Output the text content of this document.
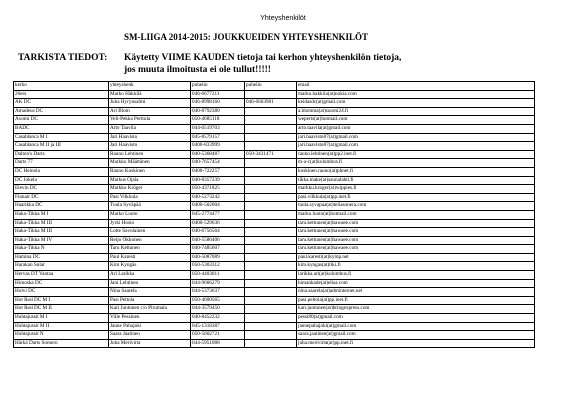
Yhteyshenkilöt
SM-LIIGA 2014-2015: JOUKKUEIDEN YHTEYSHENKILÖT
TARKISTA TIEDOT: Käytetty VIIME KAUDEN tietoja tai kerhon yhteyshenkilön tietoja,
jos muuta ilmoitusta ei ole tullut!!!!!
kerho	yhteyshenk	puhelin	puhelin	email
26ers	Marko Häkkilä	046-6677211		marko.hakkila(at)nokia.com
AK DC	Juha Hyrynsalmi	046-8998160	046-6663981	keidasdc(at)gmail.com
Amadeus DC	Ari Blom	040-8792380		a.blomma(at)suomi24.fi
Axomi DC	Veli-Pekka Perttula	050-4685118		weperts(at)hotmail.com
BADC	Arto Taavila	044-0519703		arto.taavila(at)gmail.com
Casablanca M I	Jari Haavisto	045-8579157		jari.haavisto87(at)gmail.com
Casablanca M II ja III	Jari Haavisto	0400-833999		jari.haavisto87(at)gmail.com
Dalton's Darts	Rauno Lehtinen	040-5368487	050-3431471	rauno.lehtinen(at)pp2.inet.fi
Darts 77	Markku Määttänen	040-7657454		m-a-c(at)kolumbus.fi
DC Heinola	Rauno Koskinen	0400-722257		koskinen.rauno(at)phnet.fi
DC Jokela	Markus Ojala	040-8357239		tikka.make(at)saunalahti.fi
Elevin DC	Markku Kröger	050-4371825		markku.kroger(at)wippies.fi
Finnair DC	Pasi Vilkkula	040-5273242		pasi.vilkkula(at)pp.inet.fi
Haarikka DC	Tuula Syväpää	0400-502004		tuula.syvapaa(at)teliasonera.com
Haka-Tikka M I	Marko Luoto	045-2774477		marko.luoto(at)hotmail.com
Haka-Tikka M III	Jyrki Hosio	0400-529636		taru.kettunen(at)hawaee.com
Haka-Tikka M III	Lotte Savolainen	040-6756564		taru.kettunen(at)hawaee.com
Haka-Tikka M IV	Reijo Okkonen	040-5586406		taru.kettunen(at)hawaee.com
Haka-Tikka N	Taru Kettunen	040-7485607		taru.kettunen(at)hawaee.com
Hamina DC	Paul Karesti	040-5087089		paul.karesti(at)kymp.net
Harakan Sulat	Kim Kyngäs	050-5303312		kim.kyngas(at)tiki.fi
Hervas DT Vantaa	Ari Larikka	050-4403011		larikka.ari(at)kolumbus.fi
Himoska DC	Jani Lehtinen	044-9666279		himankade(at)elisa.com
Holvi DC	Nina Saarela	044-5373637		nina.saarela(at)adminternet.net
Hot Rod DC M I	Pasi Peltola	050-4600565		pasi.peltola(at)pp.inet.fi
Hot Rod DC M II	Kari Juntunen c/o Pirumala	044-3579450		kari.juntunen(at)bringexpress.com
Huhtajussit M I	Ville Pessinen	040-8452232		pessi80(at)gmail.com
Huhtajussit M II	Janne Pahajoki	045-1318387		jannepahajoki(at)gmail.com
Huhtajussit N	Saara Jaatinen	050-5602721		saara.jaatinen(at)gmail.com
Härkä Darts Somero	Juha Merivirta	044-5951088		juha.merivirta(at)pp.inet.fi
